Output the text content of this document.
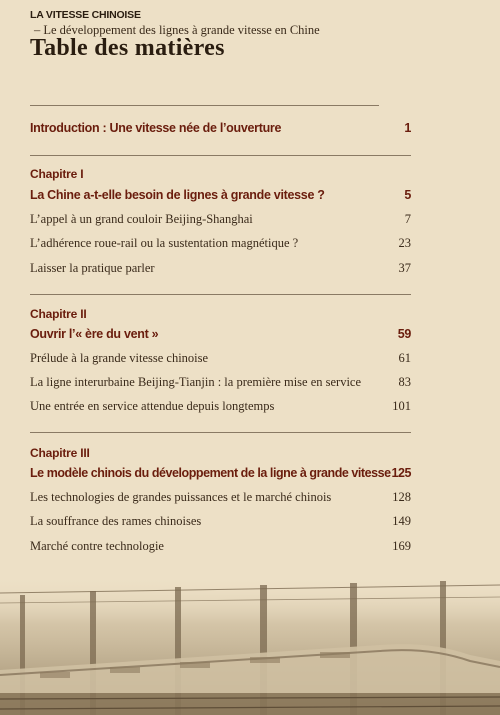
LA VITESSE CHINOISE
– Le développement des lignes à grande vitesse en Chine
Table des matières
Introduction : Une vitesse née de l’ouverture	1
Chapitre I
La Chine a-t-elle besoin de lignes à grande vitesse ?	5
L’appel à un grand couloir Beijing-Shanghai	7
L’adhérence roue-rail ou la sustentation magnétique ?	23
Laisser la pratique parler	37
Chapitre II
Ouvrir l’« ère du vent »	59
Prélude à la grande vitesse chinoise	61
La ligne interurbaine Beijing-Tianjin : la première mise en service	83
Une entrée en service attendue depuis longtemps	101
Chapitre III
Le modèle chinois du développement de la ligne à grande vitesse 125
Les technologies de grandes puissances et le marché chinois	128
La souffrance des rames chinoises	149
Marché contre technologie	169
